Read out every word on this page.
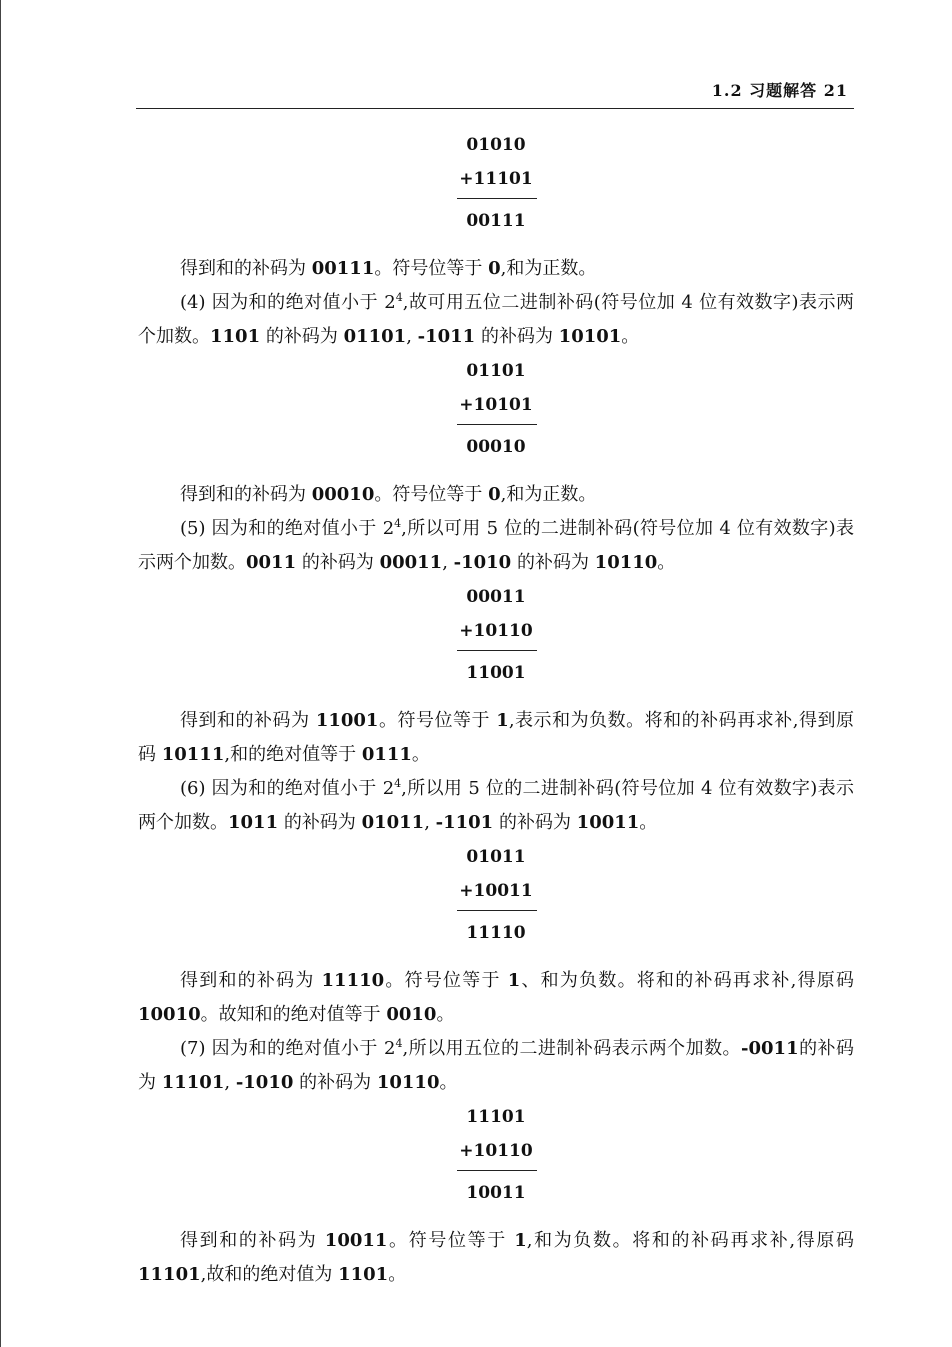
1.2 习题解答 21
01010
+11101
00111

得到和的补码为 00111。符号位等于 0,和为正数。

(4) 因为和的绝对值小于 $2^4$,故可用五位二进制补码(符号位加 4 位有效数字)表示两个加数。1101 的补码为 01101, -1011 的补码为 10101。

01101
+10101
00010

得到和的补码为 00010。符号位等于 0,和为正数。

(5) 因为和的绝对值小于 $2^4$,所以可用 5 位的二进制补码(符号位加 4 位有效数字)表示两个加数。0011 的补码为 00011, -1010 的补码为 10110。

00011
+10110
11001

得到和的补码为 11001。符号位等于 1,表示和为负数。将和的补码再求补,得到原码 10111,和的绝对值等于 0111。

(6) 因为和的绝对值小于 $2^4$,所以用 5 位的二进制补码(符号位加 4 位有效数字)表示两个加数。1011 的补码为 01011, -1101 的补码为 10011。

01011
+10011
11110

得到和的补码为 11110。符号位等于 1、和为负数。将和的补码再求补,得原码 10010。故知和的绝对值等于 0010。

(7) 因为和的绝对值小于 $2^4$,所以用五位的二进制补码表示两个加数。-0011的补码为 11101, -1010 的补码为 10110。

11101
+10110
10011

得到和的补码为 10011。符号位等于 1,和为负数。将和的补码再求补,得原码 11101,故和的绝对值为 1101。
